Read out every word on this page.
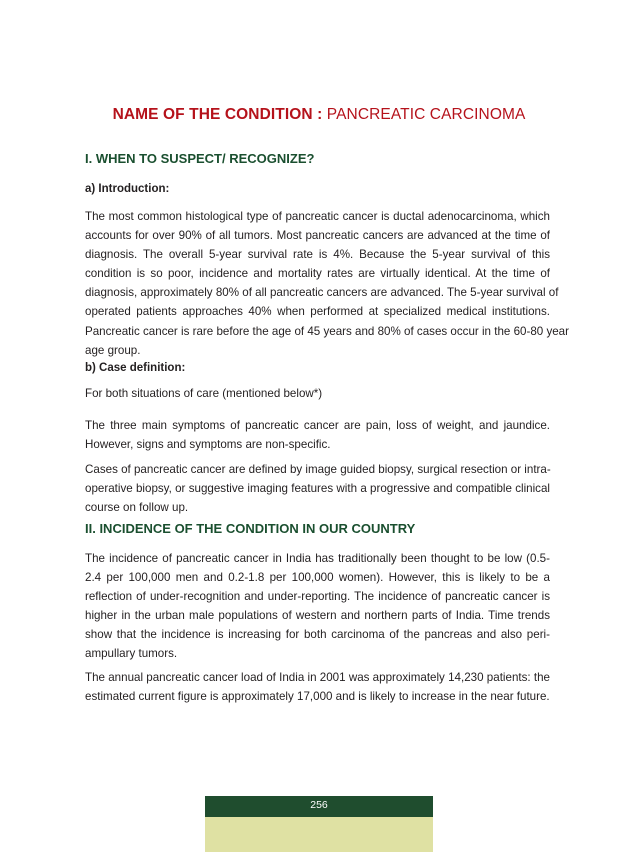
NAME OF THE CONDITION : PANCREATIC CARCINOMA
I. WHEN TO SUSPECT/ RECOGNIZE?
a) Introduction:

The most common histological type of pancreatic cancer is ductal adenocarcinoma, which
accounts for over 90% of all tumors. Most pancreatic cancers are advanced at the time of
diagnosis. The overall 5-year survival rate is 4%. Because the 5-year survival of this
condition is so poor, incidence and mortality rates are virtually identical. At the time of
diagnosis, approximately 80% of all pancreatic cancers are advanced. The 5-year survival of
operated patients approaches 40% when performed at specialized medical institutions.
Pancreatic cancer is rare before the age of 45 years and 80% of cases occur in the 60-80 year
age group.

b) Case definition:

For both situations of care (mentioned below*)

The three main symptoms of pancreatic cancer are pain, loss of weight, and jaundice.
However, signs and symptoms are non-specific.

Cases of pancreatic cancer are defined by image guided biopsy, surgical resection or intra-
operative biopsy, or suggestive imaging features with a progressive and compatible clinical
course on follow up.

II. INCIDENCE OF THE CONDITION IN OUR COUNTRY

The incidence of pancreatic cancer in India has traditionally been thought to be low (0.5-
2.4 per 100,000 men and 0.2-1.8 per 100,000 women). However, this is likely to be a
reflection of under-recognition and under-reporting. The incidence of pancreatic cancer is
higher in the urban male populations of western and northern parts of India. Time trends
show that the incidence is increasing for both carcinoma of the pancreas and also peri-
ampullary tumors.

The annual pancreatic cancer load of India in 2001 was approximately 14,230 patients: the
estimated current figure is approximately 17,000 and is likely to increase in the near future.

256
